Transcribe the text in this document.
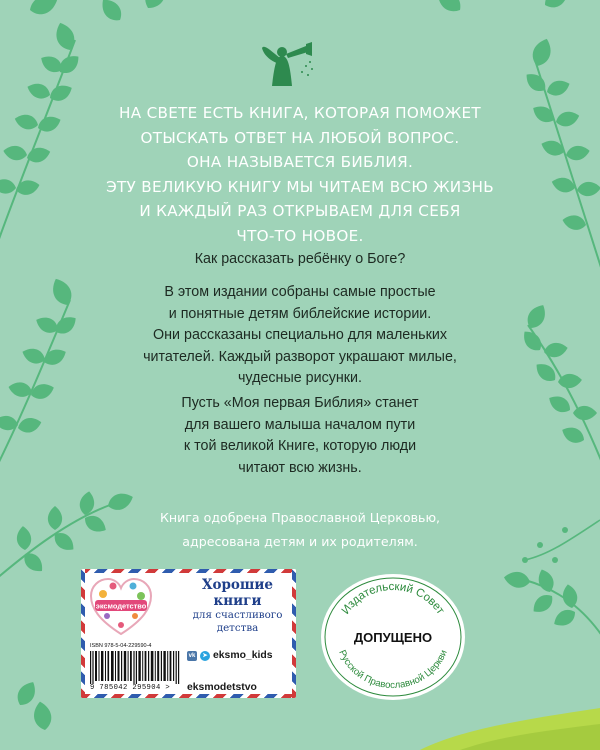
НА СВЕТЕ ЕСТЬ КНИГА, КОТОРАЯ ПОМОЖЕТ
ОТЫСКАТЬ ОТВЕТ НА ЛЮБОЙ ВОПРОС.
ОНА НАЗЫВАЕТСЯ БИБЛИЯ.
ЭТУ ВЕЛИКУЮ КНИГУ МЫ ЧИТАЕМ ВСЮ ЖИЗНЬ
И КАЖДЫЙ РАЗ ОТКРЫВАЕМ ДЛЯ СЕБЯ
ЧТО-ТО НОВОЕ.
Как рассказать ребёнку о Боге?
В этом издании собраны самые простые
и понятные детям библейские истории.
Они рассказаны специально для маленьких
читателей. Каждый разворот украшают милые,
чудесные рисунки.
Пусть «Моя первая Библия» станет
для вашего малыша началом пути
к той великой Книге, которую люди
читают всю жизнь.
Книга одобрена Православной Церковью,
адресована детям и их родителям.
эксмодетство
Хорошие
книги
для счастливого
детства
ISBN 978-5-04-229590-4
9 785042 295904 >
vk	➤ eksmo_kids
eksmodetstvo
Издательский Совет
ДОПУЩЕНО
Русской Православной Церкви
